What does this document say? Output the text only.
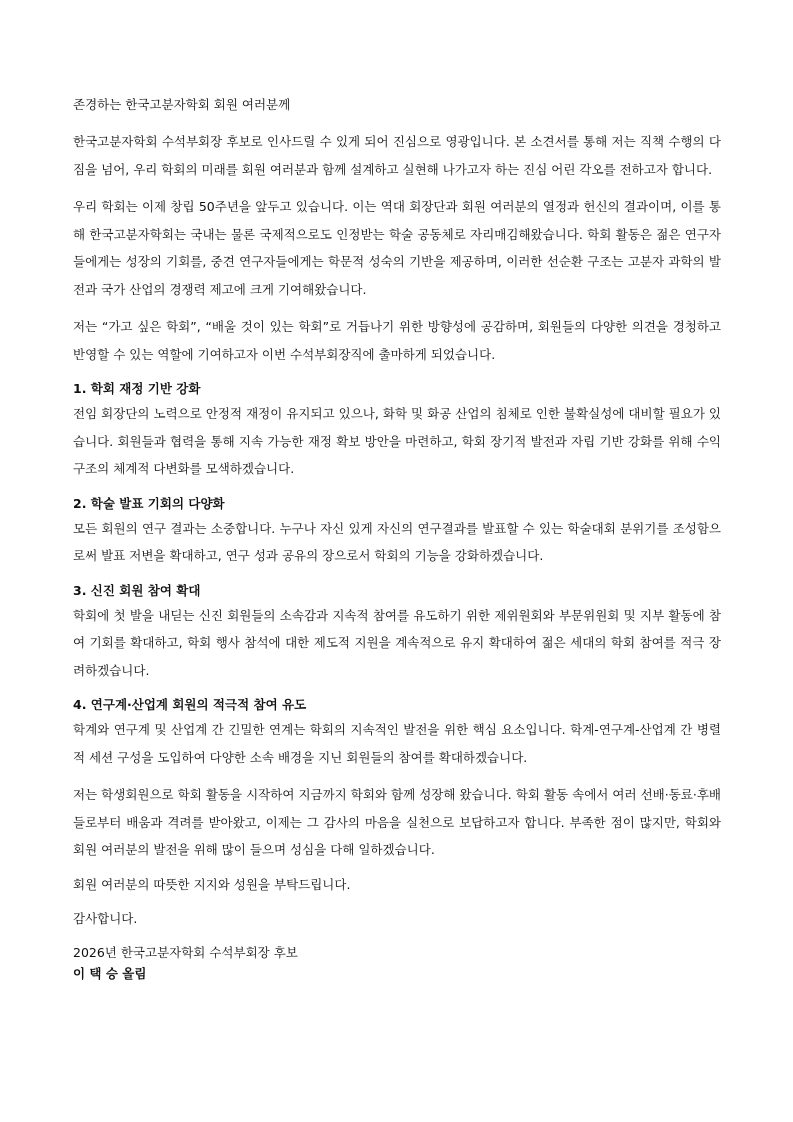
존경하는 한국고분자학회 회원 여러분께

한국고분자학회 수석부회장 후보로 인사드릴 수 있게 되어 진심으로 영광입니다. 본 소견서를 통해 저는 직책 수행의 다짐을 넘어, 우리 학회의 미래를 회원 여러분과 함께 설계하고 실현해 나가고자 하는 진심 어린 각오를 전하고자 합니다.

우리 학회는 이제 창립 50주년을 앞두고 있습니다. 이는 역대 회장단과 회원 여러분의 열정과 헌신의 결과이며, 이를 통해 한국고분자학회는 국내는 물론 국제적으로도 인정받는 학술 공동체로 자리매김해왔습니다. 학회 활동은 젊은 연구자들에게는 성장의 기회를, 중견 연구자들에게는 학문적 성숙의 기반을 제공하며, 이러한 선순환 구조는 고분자 과학의 발전과 국가 산업의 경쟁력 제고에 크게 기여해왔습니다.

저는 “가고 싶은 학회”, “배울 것이 있는 학회”로 거듭나기 위한 방향성에 공감하며, 회원들의 다양한 의견을 경청하고 반영할 수 있는 역할에 기여하고자 이번 수석부회장직에 출마하게 되었습니다.

1. 학회 재정 기반 강화

전임 회장단의 노력으로 안정적 재정이 유지되고 있으나, 화학 및 화공 산업의 침체로 인한 불확실성에 대비할 필요가 있습니다. 회원들과 협력을 통해 지속 가능한 재정 확보 방안을 마련하고, 학회 장기적 발전과 자립 기반 강화를 위해 수익 구조의 체계적 다변화를 모색하겠습니다.

2. 학술 발표 기회의 다양화

모든 회원의 연구 결과는 소중합니다. 누구나 자신 있게 자신의 연구결과를 발표할 수 있는 학술대회 분위기를 조성함으로써 발표 저변을 확대하고, 연구 성과 공유의 장으로서 학회의 기능을 강화하겠습니다.

3. 신진 회원 참여 확대

학회에 첫 발을 내딛는 신진 회원들의 소속감과 지속적 참여를 유도하기 위한 제위원회와 부문위원회 및 지부 활동에 참여 기회를 확대하고, 학회 행사 참석에 대한 제도적 지원을 계속적으로 유지 확대하여 젊은 세대의 학회 참여를 적극 장려하겠습니다.

4. 연구계·산업계 회원의 적극적 참여 유도

학계와 연구계 및 산업계 간 긴밀한 연계는 학회의 지속적인 발전을 위한 핵심 요소입니다. 학계-연구계-산업계 간 병렬적 세션 구성을 도입하여 다양한 소속 배경을 지닌 회원들의 참여를 확대하겠습니다.

저는 학생회원으로 학회 활동을 시작하여 지금까지 학회와 함께 성장해 왔습니다. 학회 활동 속에서 여러 선배·동료·후배들로부터 배움과 격려를 받아왔고, 이제는 그 감사의 마음을 실천으로 보답하고자 합니다. 부족한 점이 많지만, 학회와 회원 여러분의 발전을 위해 많이 들으며 성심을 다해 일하겠습니다.

회원 여러분의 따뜻한 지지와 성원을 부탁드립니다.

감사합니다.

2026년 한국고분자학회 수석부회장 후보

이 택 승 올림
